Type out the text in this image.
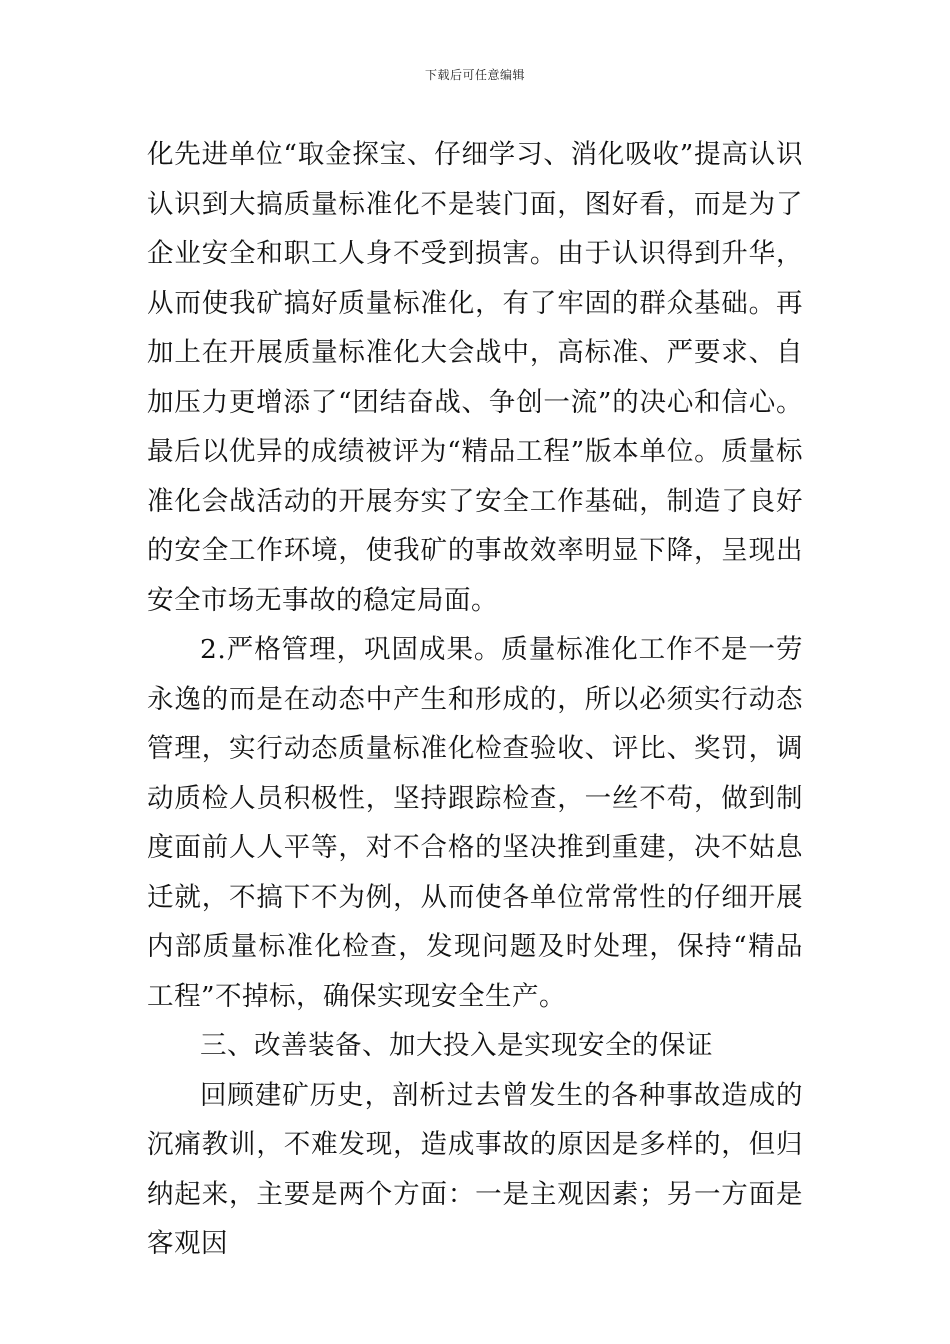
下载后可任意编辑

化先进单位“取金探宝、仔细学习、消化吸收”提高认识认识到大搞质量标准化不是装门面，图好看，而是为了企业安全和职工人身不受到损害。由于认识得到升华，从而使我矿搞好质量标准化，有了牢固的群众基础。再加上在开展质量标准化大会战中，高标准、严要求、自加压力更增添了“团结奋战、争创一流”的决心和信心。最后以优异的成绩被评为“精品工程”版本单位。质量标准化会战活动的开展夯实了安全工作基础，制造了良好的安全工作环境，使我矿的事故效率明显下降，呈现出安全市场无事故的稳定局面。

2.严格管理，巩固成果。质量标准化工作不是一劳永逸的而是在动态中产生和形成的，所以必须实行动态管理，实行动态质量标准化检查验收、评比、奖罚，调动质检人员积极性，坚持跟踪检查，一丝不苟，做到制度面前人人平等，对不合格的坚决推到重建，决不姑息迁就，不搞下不为例，从而使各单位常常性的仔细开展内部质量标准化检查，发现问题及时处理，保持“精品工程”不掉标，确保实现安全生产。

三、改善装备、加大投入是实现安全的保证

回顾建矿历史，剖析过去曾发生的各种事故造成的沉痛教训，不难发现，造成事故的原因是多样的，但归纳起来，主要是两个方面：一是主观因素；另一方面是客观因
